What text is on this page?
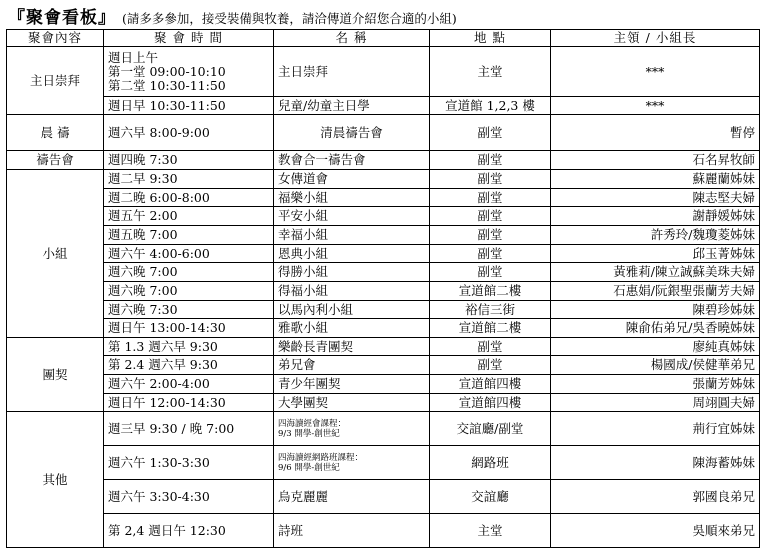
『聚會看板』 (請多多參加，接受裝備與牧養，請洽傳道介紹您合適的小組)
聚會內容	聚 會 時 間	名 稱	地 點	主領 / 小組長
主日崇拜	週日上午
第一堂 09:00-10:10
第二堂 10:30-11:50	主日崇拜	主堂	***
	週日早 10:30-11:50	兒童/幼童主日學	宣道館 1,2,3 樓	***
晨 禱	週六早 8:00-9:00	清晨禱告會	副堂	暫停
禱告會	週四晚 7:30	教會合一禱告會	副堂	石名昇牧師
小組	週二早 9:30	女傳道會	副堂	蘇麗蘭姊妹
	週二晚 6:00-8:00	福樂小組	副堂	陳志堅夫婦
	週五午 2:00	平安小組	副堂	謝靜媛姊妹
	週五晚 7:00	幸福小組	副堂	許秀玲/魏瓊菱姊妹
	週六午 4:00-6:00	恩典小組	副堂	邱玉菁姊妹
	週六晚 7:00	得勝小組	副堂	黃雅莉/陳立誠蘇美珠夫婦
	週六晚 7:00	得福小組	宣道館二樓	石惠娟/阮銀聖張蘭芳夫婦
	週六晚 7:30	以馬內利小組	裕信三街	陳碧珍姊妹
	週日午 13:00-14:30	雅歌小組	宣道館二樓	陳俞佑弟兄/吳香曉姊妹
團契	第 1.3 週六早 9:30	樂齡長青團契	副堂	廖純真姊妹
	第 2.4 週六早 9:30	弟兄會	副堂	楊國成/侯健華弟兄
	週六午 2:00-4:00	青少年團契	宣道館四樓	張蘭芳姊妹
	週日午 12:00-14:30	大學團契	宣道館四樓	周翊圓夫婦
其他	週三早 9:30 / 晚 7:00	四海讀經會課程：
9/3 開學-創世紀	交誼廳/副堂	荊行宜姊妹
	週六午 1:30-3:30	四海讀經網路班課程：
9/6 開學-創世紀	網路班	陳海蓄姊妹
	週六午 3:30-4:30	烏克麗麗	交誼廳	郭國良弟兄
	第 2,4 週日午 12:30	詩班	主堂	吳順來弟兄
